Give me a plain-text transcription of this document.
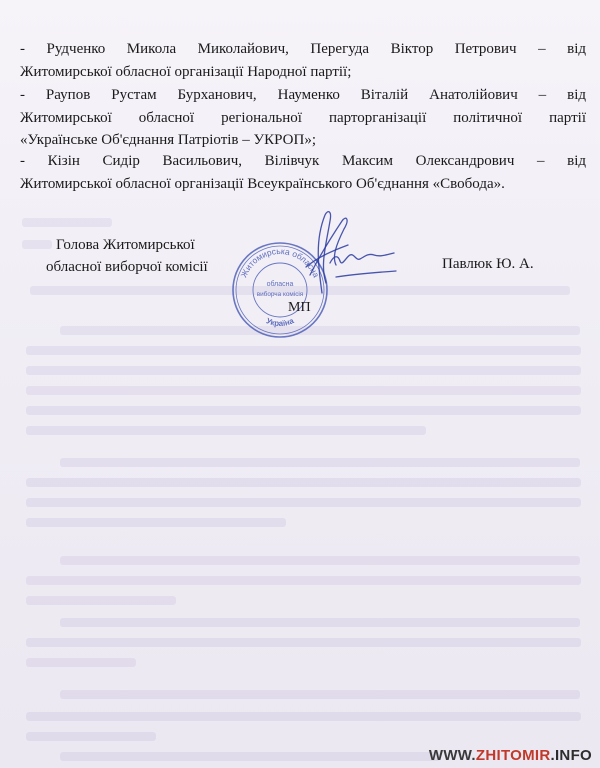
- Рудченко Микола Миколайович, Перегуда Віктор Петрович – від
Житомирської обласної організації Народної партії;
- Раупов Рустам Бурханович, Науменко Віталій Анатолійович – від
Житомирської обласної регіональної парторганізації політичної партії
«Українське Об'єднання Патріотів – УКРОП»;
- Кізін Сидір Васильович, Вілівчук Максим Олександрович – від
Житомирської обласної організації Всеукраїнського Об'єднання «Свобода».
Житомирська обласна
обласна
виборча комісія
Україна
Голова Житомирської
обласної виборчої комісії	Павлюк Ю. А.
МП
WWW.ZHITOMIR.INFO
